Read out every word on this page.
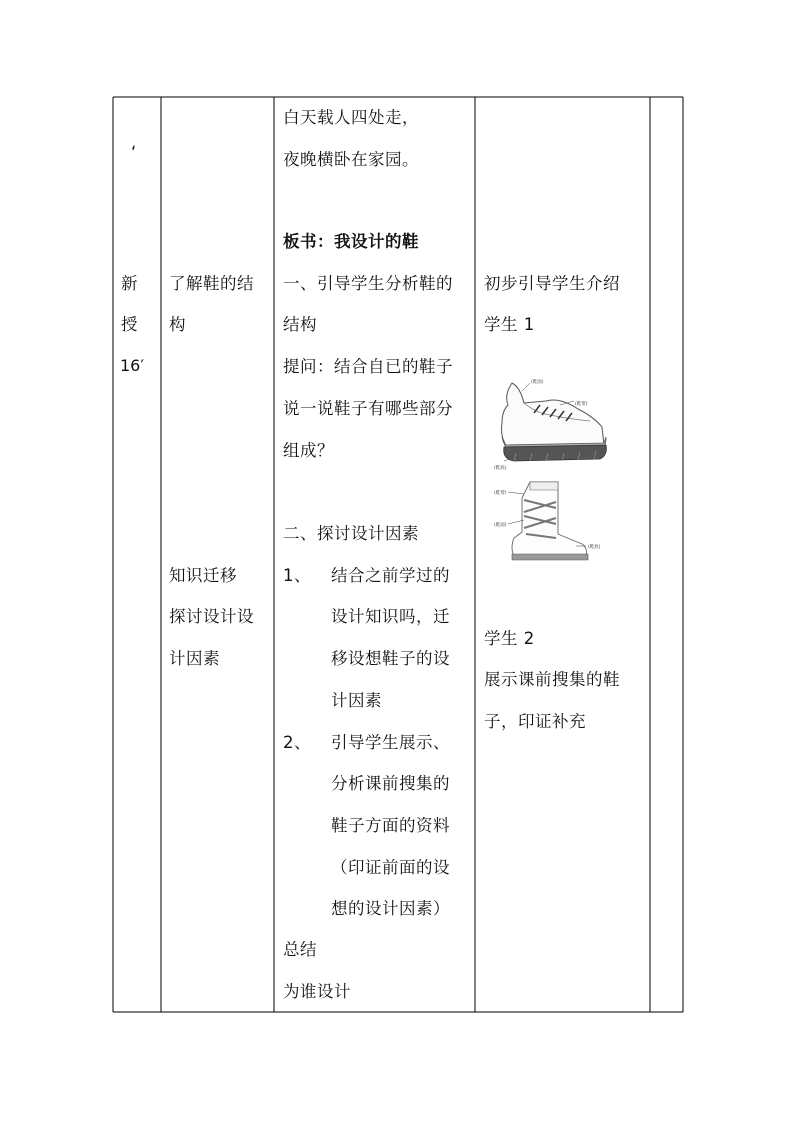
‘
新
授
16′
了解鞋的结
构
知识迁移
探讨设计设
计因素
白天载人四处走，
夜晚横卧在家园。
板书：我设计的鞋
一、引导学生分析鞋的
结构
提问：结合自已的鞋子
说一说鞋子有哪些部分
组成？
二、探讨设计因素
1、 结合之前学过的
设计知识吗，迁
移设想鞋子的设
计因素
2、 引导学生展示、
分析课前搜集的
鞋子方面的资料
（印证前面的设
想的设计因素）
总结
为谁设计
初步引导学生介绍
学生 1
(鞋面)
(鞋带)
(鞋底)
(鞋帮)
(鞋面)
(鞋底)
学生 2
展示课前搜集的鞋
子，印证补充
